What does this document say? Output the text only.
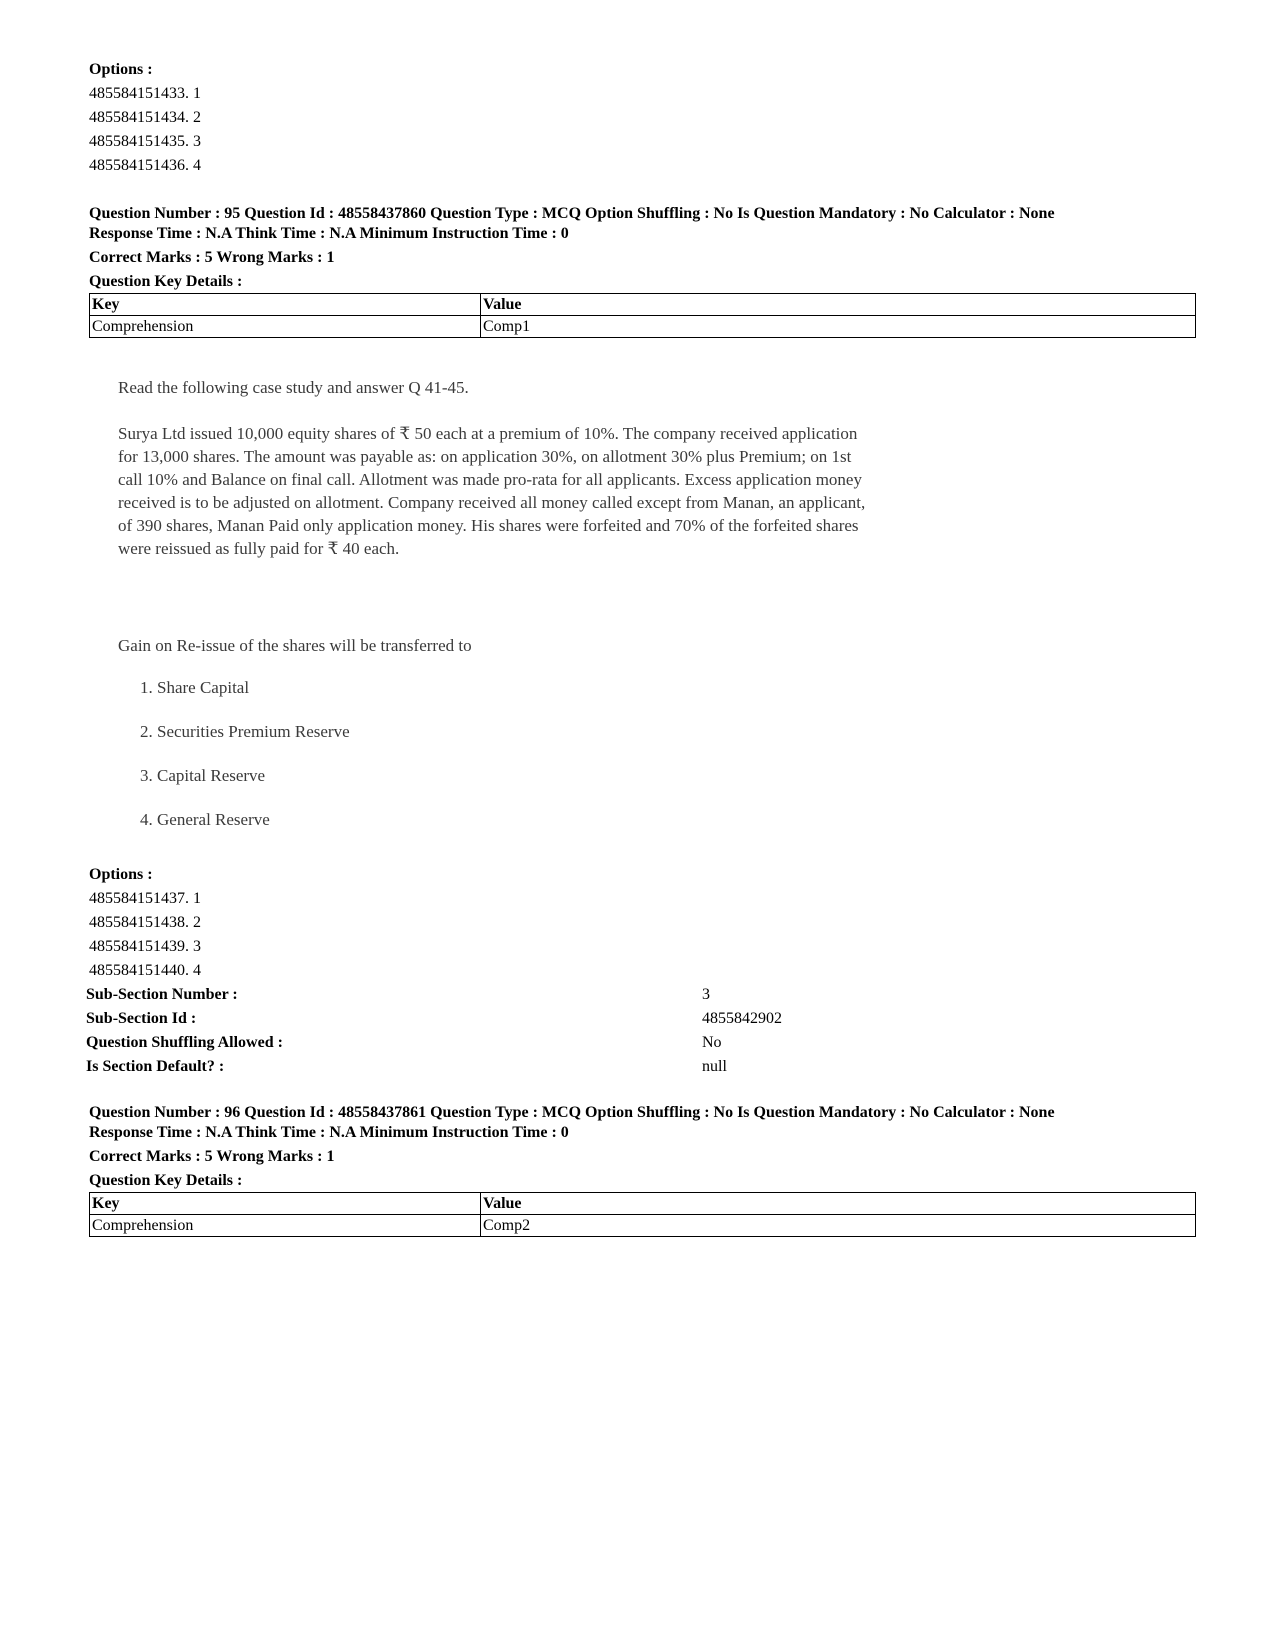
Options :
485584151433. 1
485584151434. 2
485584151435. 3
485584151436. 4
Question Number : 95 Question Id : 48558437860 Question Type : MCQ Option Shuffling : No Is Question Mandatory : No Calculator : None
Response Time : N.A Think Time : N.A Minimum Instruction Time : 0
Correct Marks : 5 Wrong Marks : 1
Question Key Details :
Key	Value
Comprehension	Comp1

Read the following case study and answer Q 41-45.

Surya Ltd issued 10,000 equity shares of ₹ 50 each at a premium of 10%. The company received application

for 13,000 shares. The amount was payable as: on application 30%, on allotment 30% plus Premium; on 1st

call 10% and Balance on final call. Allotment was made pro-rata for all applicants. Excess application money

received is to be adjusted on allotment. Company received all money called except from Manan, an applicant,

of 390 shares, Manan Paid only application money. His shares were forfeited and 70% of the forfeited shares

were reissued as fully paid for ₹ 40 each.

Gain on Re-issue of the shares will be transferred to

1. Share Capital

2. Securities Premium Reserve

3. Capital Reserve

4. General Reserve

Options :
485584151437. 1
485584151438. 2
485584151439. 3
485584151440. 4
Sub-Section Number :	3
Sub-Section Id :	4855842902
Question Shuffling Allowed :	No
Is Section Default? :	null
Question Number : 96 Question Id : 48558437861 Question Type : MCQ Option Shuffling : No Is Question Mandatory : No Calculator : None
Response Time : N.A Think Time : N.A Minimum Instruction Time : 0
Correct Marks : 5 Wrong Marks : 1
Question Key Details :
Key	Value
Comprehension	Comp2
